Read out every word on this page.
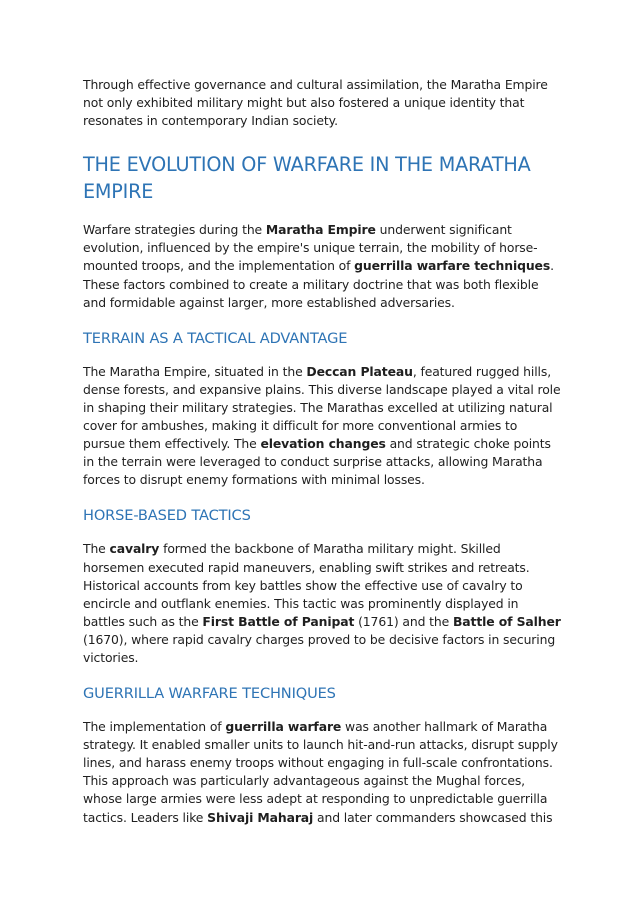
Through effective governance and cultural assimilation, the Maratha Empire not only exhibited military might but also fostered a unique identity that resonates in contemporary Indian society.

THE EVOLUTION OF WARFARE IN THE MARATHA EMPIRE

Warfare strategies during the Maratha Empire underwent significant evolution, influenced by the empire's unique terrain, the mobility of horse-mounted troops, and the implementation of guerrilla warfare techniques. These factors combined to create a military doctrine that was both flexible and formidable against larger, more established adversaries.

TERRAIN AS A TACTICAL ADVANTAGE

The Maratha Empire, situated in the Deccan Plateau, featured rugged hills, dense forests, and expansive plains. This diverse landscape played a vital role in shaping their military strategies. The Marathas excelled at utilizing natural cover for ambushes, making it difficult for more conventional armies to pursue them effectively. The elevation changes and strategic choke points in the terrain were leveraged to conduct surprise attacks, allowing Maratha forces to disrupt enemy formations with minimal losses.

HORSE-BASED TACTICS

The cavalry formed the backbone of Maratha military might. Skilled horsemen executed rapid maneuvers, enabling swift strikes and retreats. Historical accounts from key battles show the effective use of cavalry to encircle and outflank enemies. This tactic was prominently displayed in battles such as the First Battle of Panipat (1761) and the Battle of Salher (1670), where rapid cavalry charges proved to be decisive factors in securing victories.

GUERRILLA WARFARE TECHNIQUES

The implementation of guerrilla warfare was another hallmark of Maratha strategy. It enabled smaller units to launch hit-and-run attacks, disrupt supply lines, and harass enemy troops without engaging in full-scale confrontations. This approach was particularly advantageous against the Mughal forces, whose large armies were less adept at responding to unpredictable guerrilla tactics. Leaders like Shivaji Maharaj and later commanders showcased this
